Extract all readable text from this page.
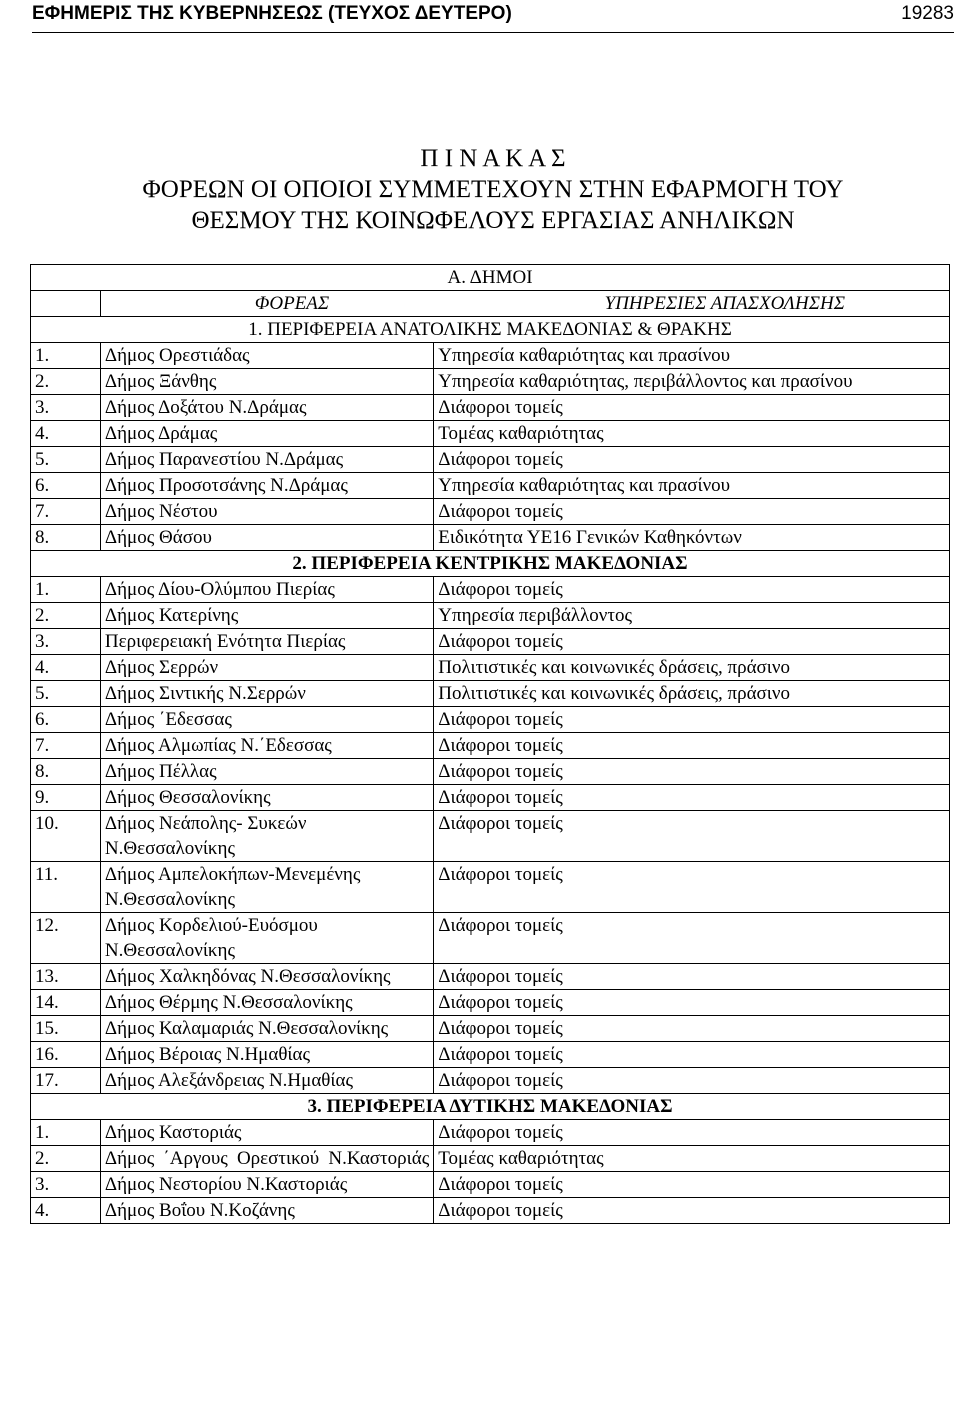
ΕΦΗΜΕΡΙΣ ΤΗΣ ΚΥΒΕΡΝΗΣΕΩΣ (ΤΕΥΧΟΣ ΔΕΥΤΕΡΟ)	19283
Π Ι Ν Α Κ Α Σ
ΦΟΡΕΩΝ ΟΙ ΟΠΟΙΟΙ ΣΥΜΜΕΤΕΧΟΥΝ ΣΤΗΝ ΕΦΑΡΜΟΓΗ ΤΟΥ
ΘΕΣΜΟΥ ΤΗΣ ΚΟΙΝΩΦΕΛΟΥΣ ΕΡΓΑΣΙΑΣ ΑΝΗΛΙΚΩΝ
Α. ΔΗΜΟΙ		

	ΦΟΡΕΑΣ ΥΠΗΡΕΣΙΕΣ ΑΠΑΣΧΟΛΗΣΗΣ	

1. ΠΕΡΙΦΕΡΕΙΑ ΑΝΑΤΟΛΙΚΗΣ ΜΑΚΕΔΟΝΙΑΣ & ΘΡΑΚΗΣ		
1.	Δήμος Ορεστιάδας	Υπηρεσία καθαριότητας και πρασίνου
2.	Δήμος Ξάνθης	Υπηρεσία καθαριότητας, περιβάλλοντος και πρασίνου
3.	Δήμος Δοξάτου Ν.Δράμας	Διάφοροι τομείς
4.	Δήμος Δράμας	Τομέας καθαριότητας
5.	Δήμος Παρανεστίου Ν.Δράμας	Διάφοροι τομείς
6.	Δήμος Προσοτσάνης Ν.Δράμας	Υπηρεσία καθαριότητας και πρασίνου
7.	Δήμος Νέστου	Διάφοροι τομείς
8.	Δήμος Θάσου	Ειδικότητα ΥΕ16 Γενικών Καθηκόντων
2. ΠΕΡΙΦΕΡΕΙΑ ΚΕΝΤΡΙΚΗΣ ΜΑΚΕΔΟΝΙΑΣ		
1.	Δήμος Δίου-Ολύμπου Πιερίας	Διάφοροι τομείς
2.	Δήμος Κατερίνης	Υπηρεσία περιβάλλοντος
3.	Περιφερειακή Ενότητα Πιερίας	Διάφοροι τομείς
4.	Δήμος Σερρών	Πολιτιστικές και κοινωνικές δράσεις, πράσινο
5.	Δήμος Σιντικής Ν.Σερρών	Πολιτιστικές και κοινωνικές δράσεις, πράσινο
6.	Δήμος ΄Εδεσσας	Διάφοροι τομείς
7.	Δήμος Αλμωπίας Ν.΄Εδεσσας	Διάφοροι τομείς
8.	Δήμος Πέλλας	Διάφοροι τομείς
9.	Δήμος Θεσσαλονίκης	Διάφοροι τομείς
10.	Δήμος Νεάπολης- Συκεών Ν.Θεσσαλονίκης	Διάφοροι τομείς
11.	Δήμος Αμπελοκήπων-Μενεμένης Ν.Θεσσαλονίκης	Διάφοροι τομείς
12.	Δήμος Κορδελιού-Ευόσμου Ν.Θεσσαλονίκης	Διάφοροι τομείς
13.	Δήμος Χαλκηδόνας Ν.Θεσσαλονίκης	Διάφοροι τομείς
14.	Δήμος Θέρμης Ν.Θεσσαλονίκης	Διάφοροι τομείς
15.	Δήμος Καλαμαριάς Ν.Θεσσαλονίκης	Διάφοροι τομείς
16.	Δήμος Βέροιας Ν.Ημαθίας	Διάφοροι τομείς
17.	Δήμος Αλεξάνδρειας Ν.Ημαθίας	Διάφοροι τομείς
3. ΠΕΡΙΦΕΡΕΙΑ ΔΥΤΙΚΗΣ ΜΑΚΕΔΟΝΙΑΣ		
1.	Δήμος Καστοριάς	Διάφοροι τομείς
2.	Δήμος ΄Αργους Ορεστικού Ν.Καστοριάς	Τομέας καθαριότητας
3.	Δήμος Νεστορίου Ν.Καστοριάς	Διάφοροι τομείς
4.	Δήμος Βοΐου Ν.Κοζάνης	Διάφοροι τομείς
